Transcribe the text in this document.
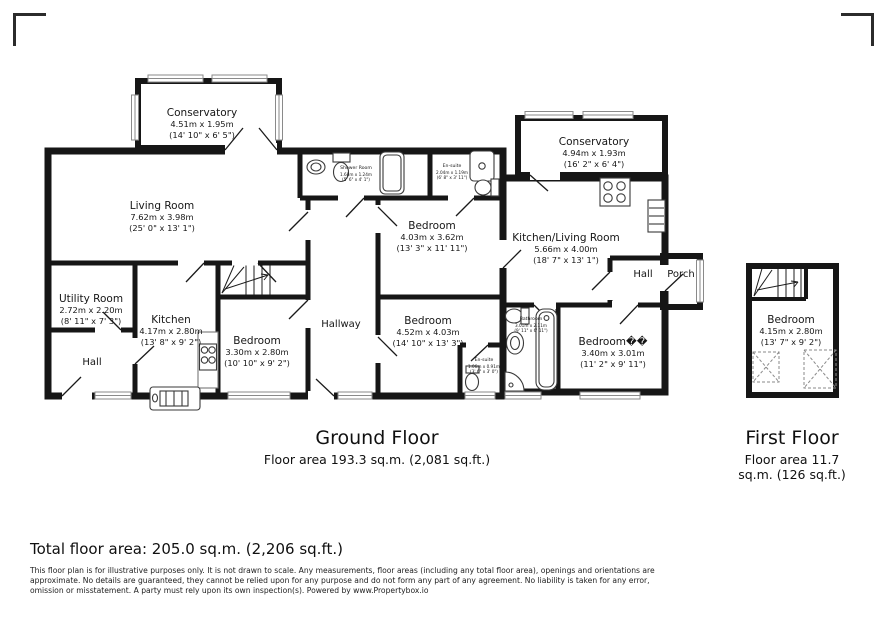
Conservatory
4.51m x 1.95m
(14' 10" x 6' 5")
Living Room
7.62m x 3.98m
(25' 0" x 13' 1")
Utility Room
2.72m x 2.20m
(8' 11" x 7' 3")
Hall
Kitchen
4.17m x 2.80m
(13' 8" x 9' 2")	Bedroom
3.30m x 2.80m
(10' 10" x 9' 2")
Hallway
Shower Room
1.68m x 1.24m
(5' 6" x 4' 1")
Bedroom
4.03m x 3.62m
(13' 3" x 11' 11")
En-suite
2.04m x 1.19m
(6' 8" x 3' 11")
Conservatory
4.94m x 1.93m
(16' 2" x 6' 4")
Kitchen/Living Room
5.66m x 4.00m
(18' 7" x 13' 1")
Hall Porch
Bathroom
3.01m x 2.11m
(9' 11" x 6' 11")
Bedroom
4.52m x 4.03m
(14' 10" x 13' 3")	Bedroom��
3.40m x 3.01m
(11' 2" x 9' 11")
En-suite
1.06m x 0.91m
(3' 6" x 3' 0")
Bedroom
4.15m x 2.80m
(13' 7" x 9' 2")
Ground Floor
Floor area 193.3 sq.m. (2,081 sq.ft.)
First Floor
Floor area 11.7
sq.m. (126 sq.ft.)
Total floor area: 205.0 sq.m. (2,206 sq.ft.)
This floor plan is for illustrative purposes only. It is not drawn to scale. Any measurements, floor areas (including any total floor area), openings and orientations are
approximate. No details are guaranteed, they cannot be relied upon for any purpose and do not form any part of any agreement. No liability is taken for any error,
omission or misstatement. A party must rely upon its own inspection(s). Powered by www.Propertybox.io
